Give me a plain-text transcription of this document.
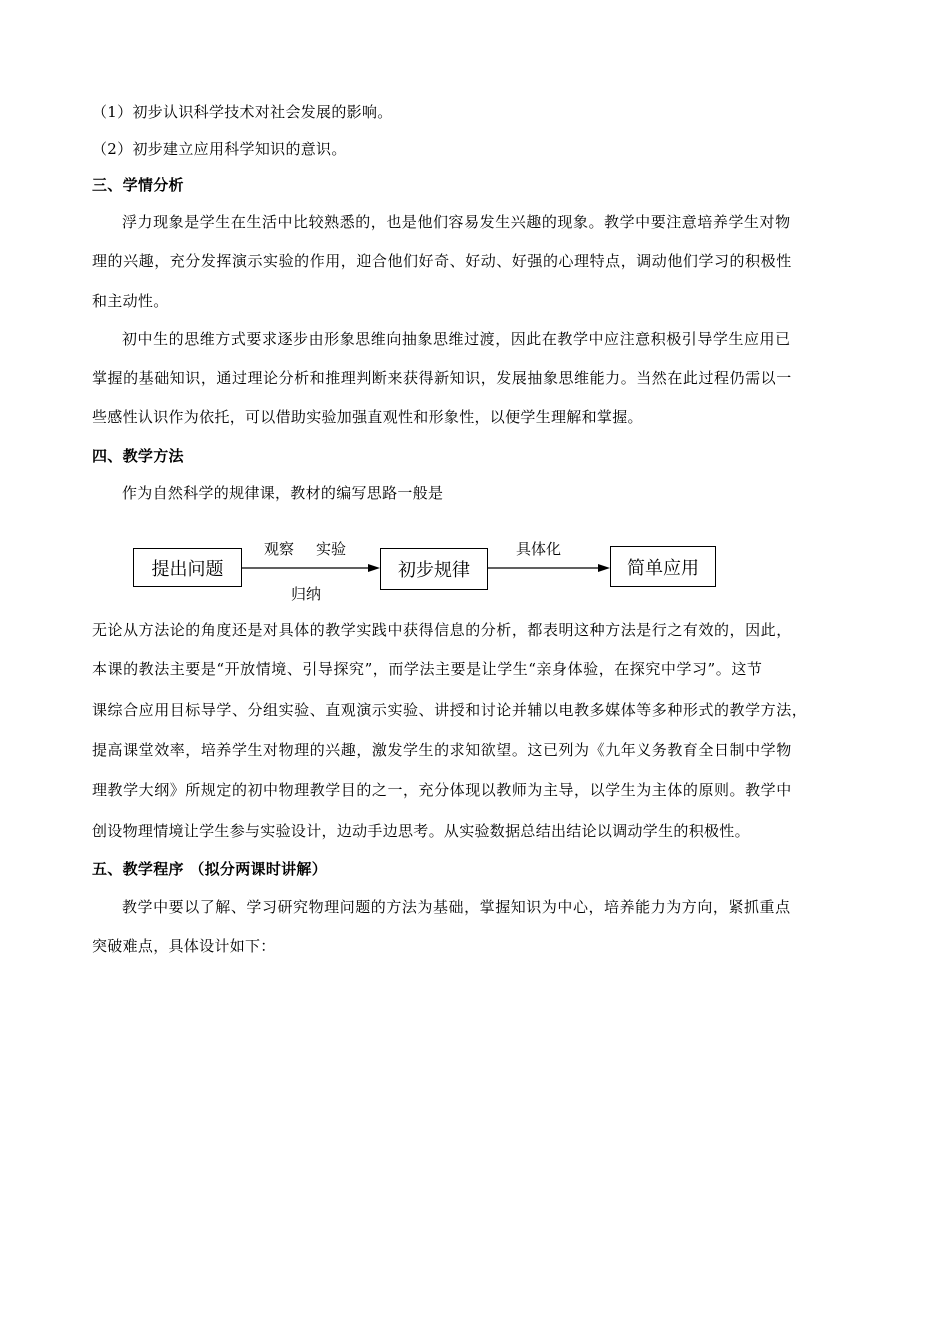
（1）初步认识科学技术对社会发展的影响。
（2）初步建立应用科学知识的意识。
三、学情分析
浮力现象是学生在生活中比较熟悉的，也是他们容易发生兴趣的现象。教学中要注意培养学生对物
理的兴趣，充分发挥演示实验的作用，迎合他们好奇、好动、好强的心理特点，调动他们学习的积极性
和主动性。
初中生的思维方式要求逐步由形象思维向抽象思维过渡，因此在教学中应注意积极引导学生应用已
掌握的基础知识，通过理论分析和推理判断来获得新知识，发展抽象思维能力。当然在此过程仍需以一
些感性认识作为依托，可以借助实验加强直观性和形象性，以便学生理解和掌握。
四、教学方法
作为自然科学的规律课，教材的编写思路一般是
提出问题	初步规律	简单应用
观察 实验
归纳
具体化
无论从方法论的角度还是对具体的教学实践中获得信息的分析，都表明这种方法是行之有效的，因此，
本课的教法主要是“开放情境、引导探究”，而学法主要是让学生“亲身体验，在探究中学习”。这节
课综合应用目标导学、分组实验、直观演示实验、讲授和讨论并辅以电教多媒体等多种形式的教学方法，
提高课堂效率，培养学生对物理的兴趣，激发学生的求知欲望。这已列为《九年义务教育全日制中学物
理教学大纲》所规定的初中物理教学目的之一，充分体现以教师为主导，以学生为主体的原则。教学中
创设物理情境让学生参与实验设计，边动手边思考。从实验数据总结出结论以调动学生的积极性。
五、教学程序 （拟分两课时讲解）
教学中要以了解、学习研究物理问题的方法为基础，掌握知识为中心，培养能力为方向，紧抓重点
突破难点，具体设计如下：
